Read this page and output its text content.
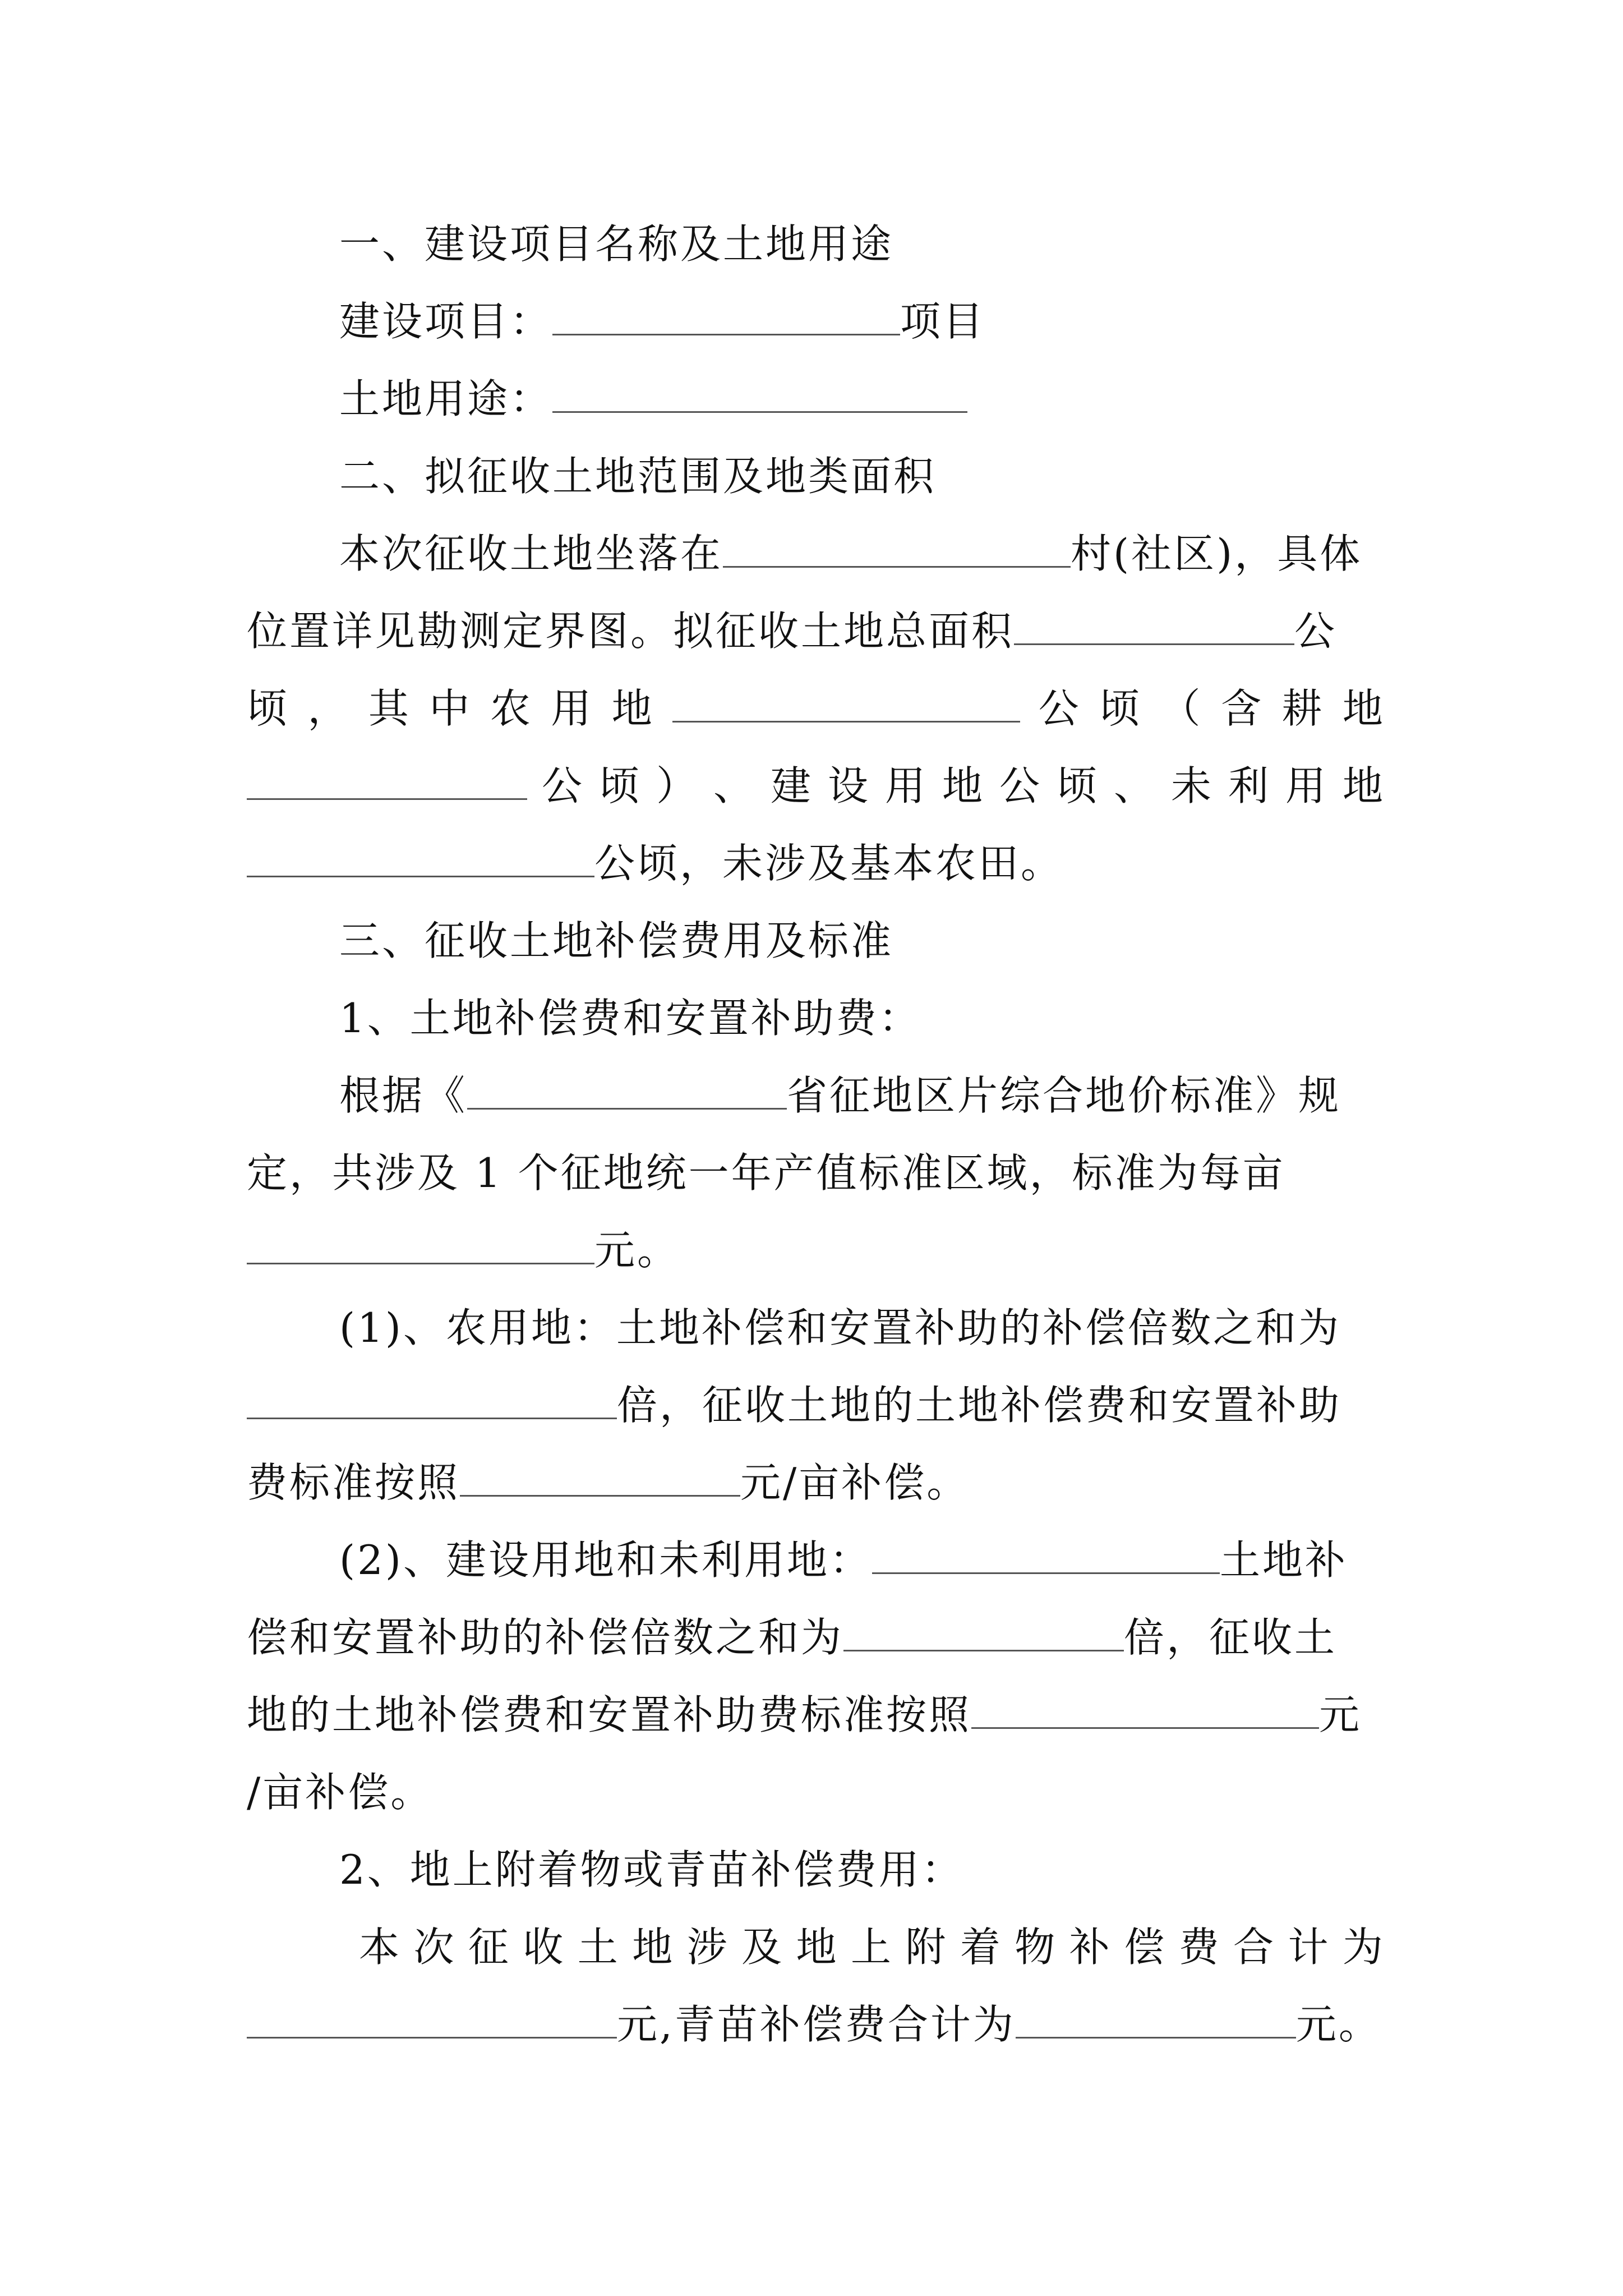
一、建设项目名称及土地用途
建设项目：	项目
土地用途：
二、拟征收土地范围及地类面积
本次征收土地坐落在	村(社区)，具体
位置详见勘测定界图。拟征收土地总面积	公
顷 ， 其 中 农 用 地	公 顷 （ 含 耕 地
公 顷 ） 、 建 设 用 地 公 顷 、 未 利 用 地
公顷，未涉及基本农田。
三、征收土地补偿费用及标准
1、土地补偿费和安置补助费：
根据《	省征地区片综合地价标准》规
定，共涉及 1 个征地统一年产值标准区域，标准为每亩
元。
(1)、农用地：土地补偿和安置补助的补偿倍数之和为
倍，征收土地的土地补偿费和安置补助
费标准按照	元/亩补偿。
(2)、建设用地和未利用地：	土地补
偿和安置补助的补偿倍数之和为	倍，征收土
地的土地补偿费和安置补助费标准按照	元
/亩补偿。
2、地上附着物或青苗补偿费用：
本 次 征 收 土 地 涉 及 地 上 附 着 物 补 偿 费 合 计 为
元,青苗补偿费合计为	元。
